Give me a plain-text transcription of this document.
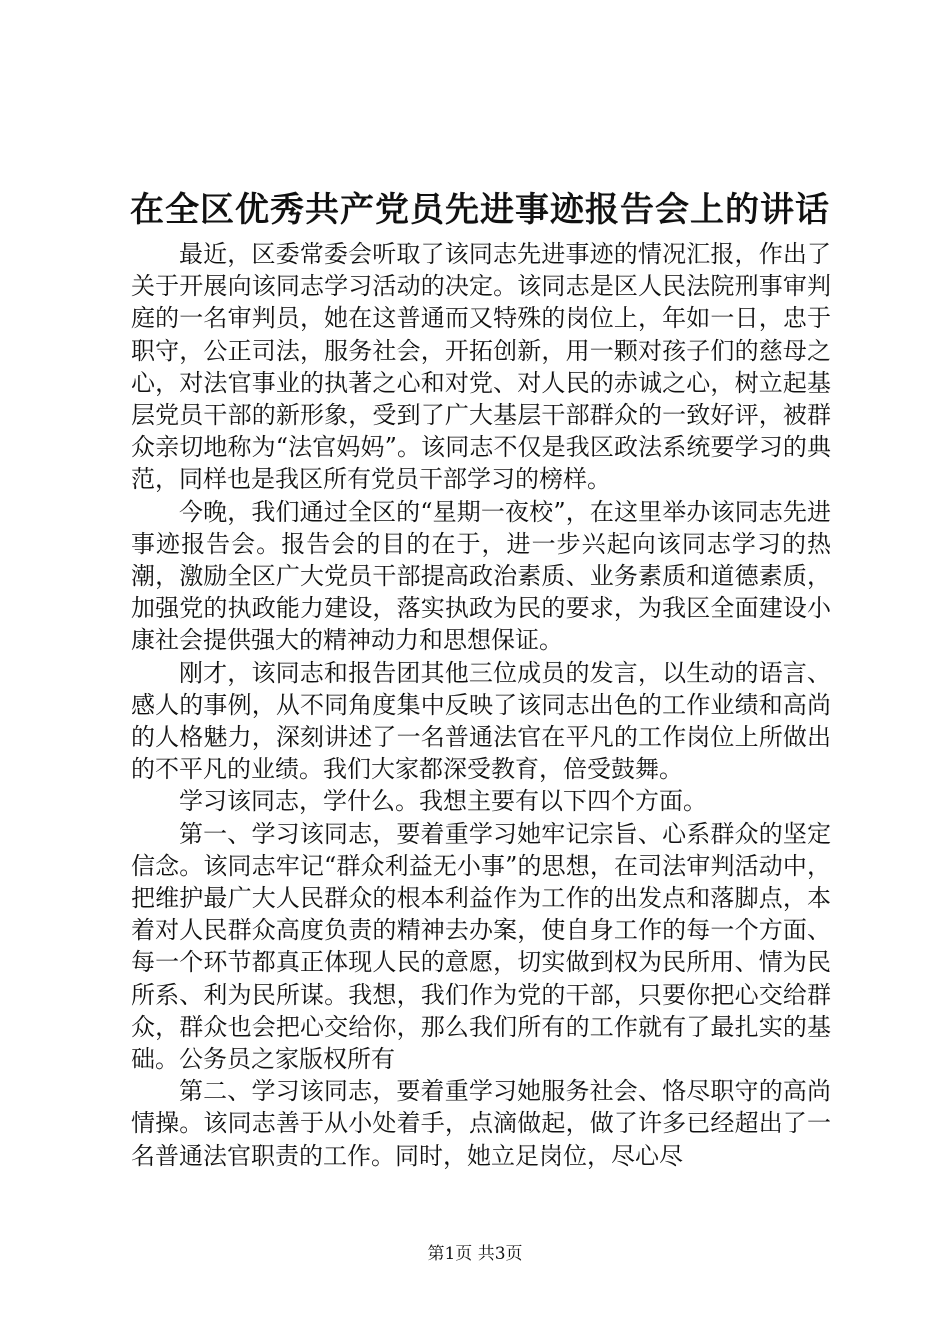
在全区优秀共产党员先进事迹报告会上的讲话

最近，区委常委会听取了该同志先进事迹的情况汇报，作出了关于开展向该同志学习活动的决定。该同志是区人民法院刑事审判庭的一名审判员，她在这普通而又特殊的岗位上，年如一日，忠于职守，公正司法，服务社会，开拓创新，用一颗对孩子们的慈母之心，对法官事业的执著之心和对党、对人民的赤诚之心，树立起基层党员干部的新形象，受到了广大基层干部群众的一致好评，被群众亲切地称为“法官妈妈”。该同志不仅是我区政法系统要学习的典范，同样也是我区所有党员干部学习的榜样。

今晚，我们通过全区的“星期一夜校”，在这里举办该同志先进事迹报告会。报告会的目的在于，进一步兴起向该同志学习的热潮，激励全区广大党员干部提高政治素质、业务素质和道德素质，加强党的执政能力建设，落实执政为民的要求，为我区全面建设小康社会提供强大的精神动力和思想保证。

刚才，该同志和报告团其他三位成员的发言，以生动的语言、感人的事例，从不同角度集中反映了该同志出色的工作业绩和高尚的人格魅力，深刻讲述了一名普通法官在平凡的工作岗位上所做出的不平凡的业绩。我们大家都深受教育，倍受鼓舞。

学习该同志，学什么。我想主要有以下四个方面。

第一、学习该同志，要着重学习她牢记宗旨、心系群众的坚定信念。该同志牢记“群众利益无小事”的思想，在司法审判活动中，把维护最广大人民群众的根本利益作为工作的出发点和落脚点，本着对人民群众高度负责的精神去办案，使自身工作的每一个方面、每一个环节都真正体现人民的意愿，切实做到权为民所用、情为民所系、利为民所谋。我想，我们作为党的干部，只要你把心交给群众，群众也会把心交给你，那么我们所有的工作就有了最扎实的基础。公务员之家版权所有

第二、学习该同志，要着重学习她服务社会、恪尽职守的高尚情操。该同志善于从小处着手，点滴做起，做了许多已经超出了一名普通法官职责的工作。同时，她立足岗位，尽心尽

第1页 共3页
